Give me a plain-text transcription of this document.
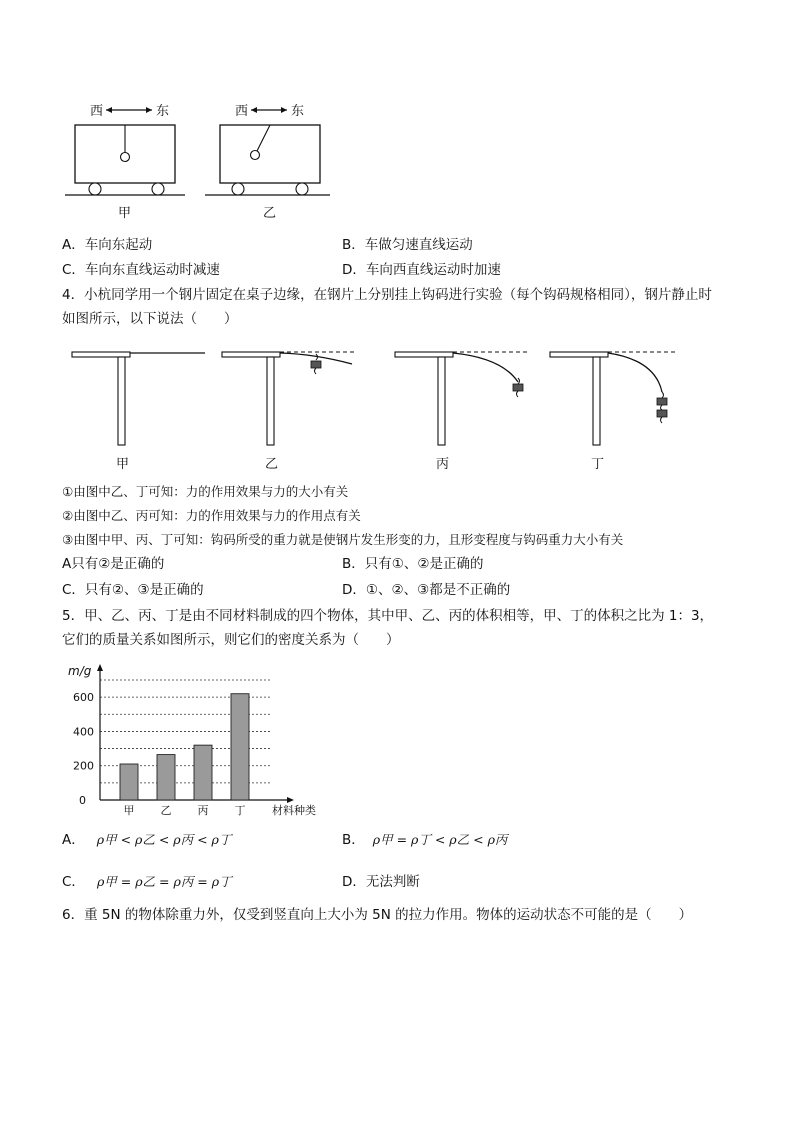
西	东
甲
西	东
乙
A．车向东起动	B．车做匀速直线运动
C．车向东直线运动时减速	D．车向西直线运动时加速
4．小杭同学用一个钢片固定在桌子边缘，在钢片上分别挂上钩码进行实验（每个钩码规格相同），钢片静止时
如图所示，以下说法（　　）
甲	乙	丙	丁
①由图中乙、丁可知：力的作用效果与力的大小有关
②由图中乙、丙可知：力的作用效果与力的作用点有关
③由图中甲、丙、丁可知：钩码所受的重力就是使钢片发生形变的力，且形变程度与钩码重力大小有关
A只有②是正确的	B．只有①、②是正确的
C．只有②、③是正确的	D．①、②、③都是不正确的
5．甲、乙、丙、丁是由不同材料制成的四个物体，其中甲、乙、丙的体积相等，甲、丁的体积之比为 1：3，
它们的质量关系如图所示，则它们的密度关系为（　　）
m/g
0
200
400
600
甲 乙 丙 丁 材料种类
A． ρ甲 < ρ乙 < ρ丙 < ρ丁	B． ρ甲 = ρ丁 < ρ乙 < ρ丙
C． ρ甲 = ρ乙 = ρ丙 = ρ丁	D．无法判断
6．重 5N 的物体除重力外，仅受到竖直向上大小为 5N 的拉力作用。物体的运动状态不可能的是（　　）
